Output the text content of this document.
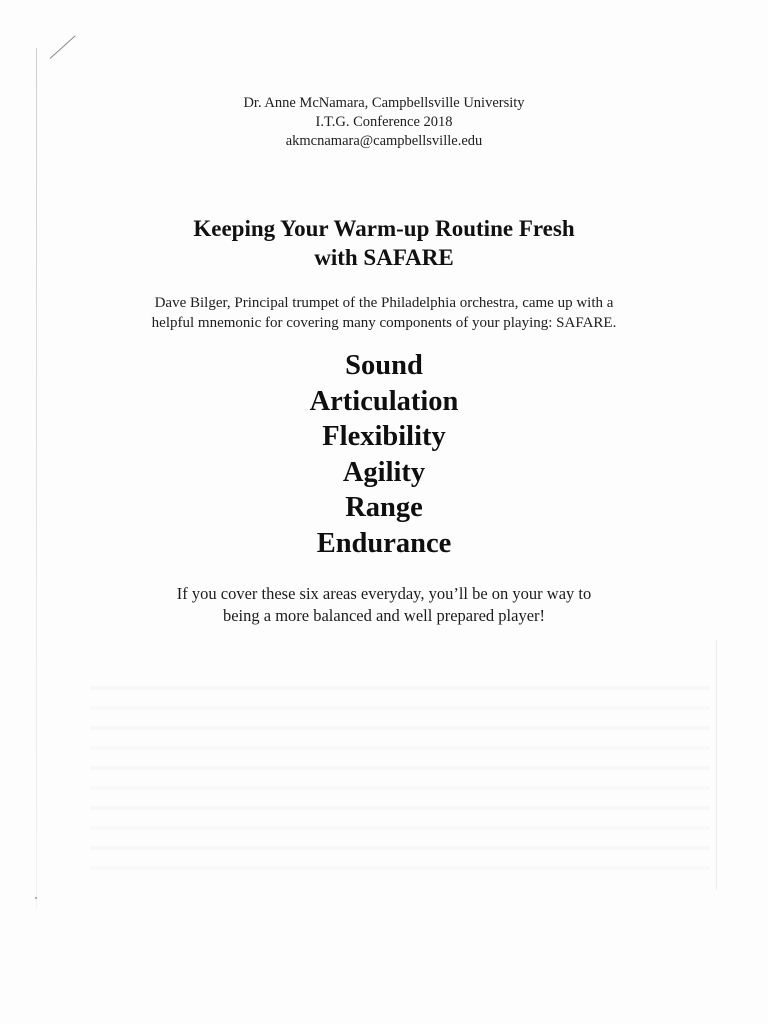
Dr. Anne McNamara, Campbellsville University
I.T.G. Conference 2018
akmcnamara@campbellsville.edu
Keeping Your Warm-up Routine Fresh
with SAFARE
Dave Bilger, Principal trumpet of the Philadelphia orchestra, came up with a
helpful mnemonic for covering many components of your playing: SAFARE.
Sound
Articulation
Flexibility
Agility
Range
Endurance
If you cover these six areas everyday, you’ll be on your way to
being a more balanced and well prepared player!
